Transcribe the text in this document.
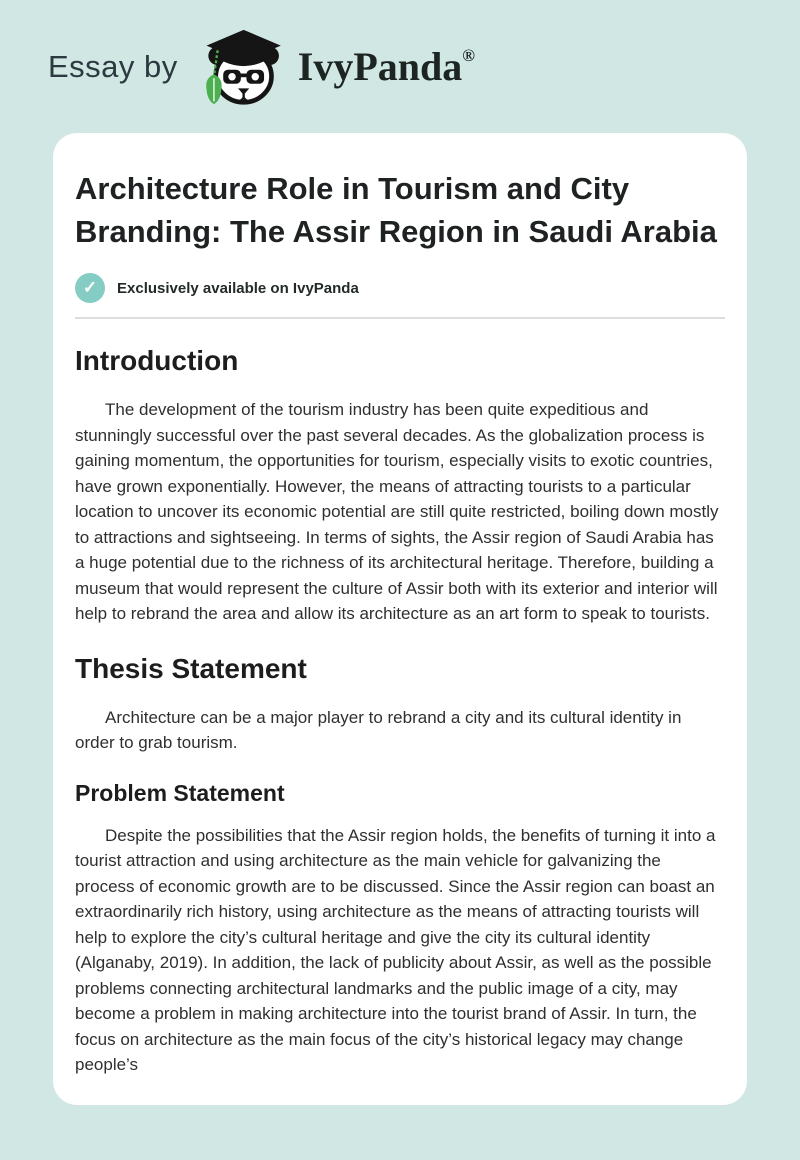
Essay by	IvyPanda®
Architecture Role in Tourism and City Branding: The Assir Region in Saudi Arabia
✓	Exclusively available on IvyPanda
Introduction

The development of the tourism industry has been quite expeditious and stunningly successful over the past several decades. As the globalization process is gaining momentum, the opportunities for tourism, especially visits to exotic countries, have grown exponentially. However, the means of attracting tourists to a particular location to uncover its economic potential are still quite restricted, boiling down mostly to attractions and sightseeing. In terms of sights, the Assir region of Saudi Arabia has a huge potential due to the richness of its architectural heritage. Therefore, building a museum that would represent the culture of Assir both with its exterior and interior will help to rebrand the area and allow its architecture as an art form to speak to tourists.

Thesis Statement

Architecture can be a major player to rebrand a city and its cultural identity in order to grab tourism.

Problem Statement

Despite the possibilities that the Assir region holds, the benefits of turning it into a tourist attraction and using architecture as the main vehicle for galvanizing the process of economic growth are to be discussed. Since the Assir region can boast an extraordinarily rich history, using architecture as the means of attracting tourists will help to explore the city’s cultural heritage and give the city its cultural identity (Alganaby, 2019). In addition, the lack of publicity about Assir, as well as the possible problems connecting architectural landmarks and the public image of a city, may become a problem in making architecture into the tourist brand of Assir. In turn, the focus on architecture as the main focus of the city’s historical legacy may change people’s
